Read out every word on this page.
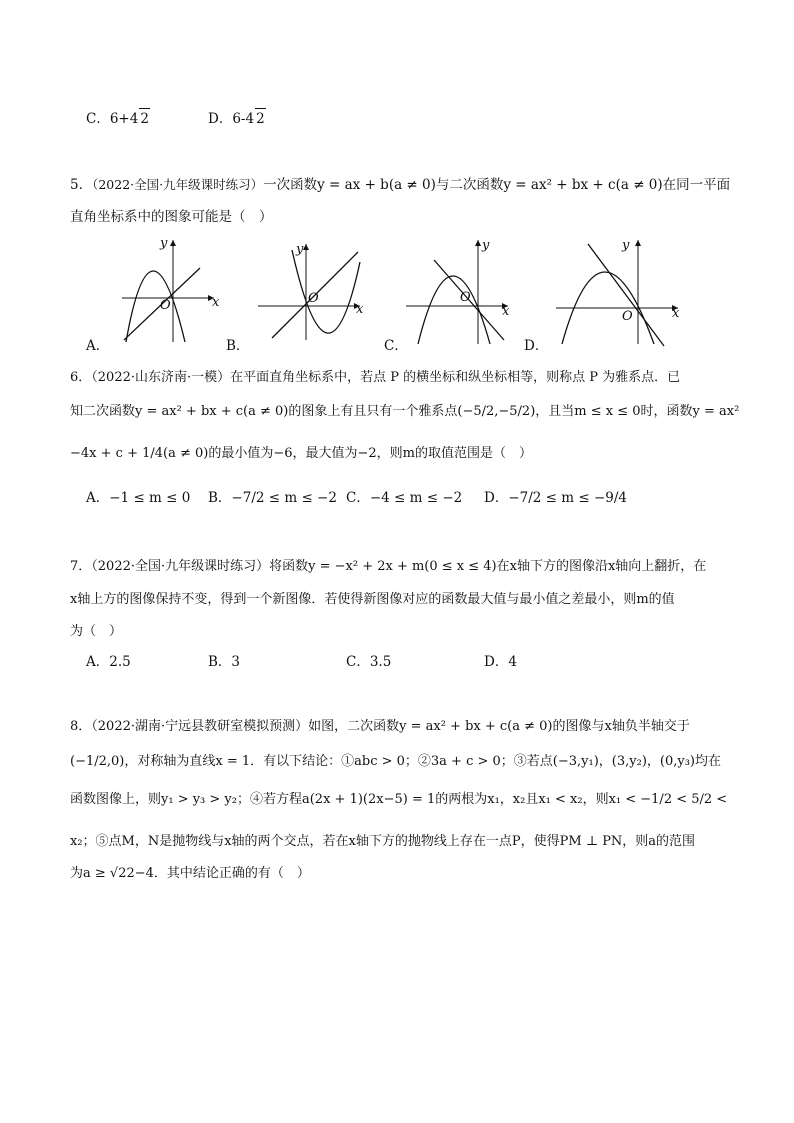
C．6+4 2	D．6-4 2
5．（2022·全国·九年级课时练习）一次函数y = ax + b(a ≠ 0)与二次函数y = ax² + bx + c(a ≠ 0)在同一平面
直角坐标系中的图象可能是（　）
y
x
O
y
x
O
y
x
O
y
x
O
A．	B．	C．	D．
6．（2022·山东济南·一模）在平面直角坐标系中，若点 P 的横坐标和纵坐标相等，则称点 P 为雅系点．已
知二次函数y = ax² + bx + c(a ≠ 0)的图象上有且只有一个雅系点(−5/2,−5/2)，且当m ≤ x ≤ 0时，函数y = ax²
−4x + c + 1/4(a ≠ 0)的最小值为−6，最大值为−2，则m的取值范围是（　）
A．−1 ≤ m ≤ 0 B．−7/2 ≤ m ≤ −2 C．−4 ≤ m ≤ −2 D．−7/2 ≤ m ≤ −9/4
7．（2022·全国·九年级课时练习）将函数y = −x² + 2x + m(0 ≤ x ≤ 4)在x轴下方的图像沿x轴向上翻折，在
x轴上方的图像保持不变，得到一个新图像．若使得新图像对应的函数最大值与最小值之差最小，则m的值
为（　）
A．2.5	B．3	C．3.5	D．4
8．（2022·湖南·宁远县教研室模拟预测）如图，二次函数y = ax² + bx + c(a ≠ 0)的图像与x轴负半轴交于
(−1/2,0)，对称轴为直线x = 1．有以下结论：①abc > 0；②3a + c > 0；③若点(−3,y₁)，(3,y₂)，(0,y₃)均在
函数图像上，则y₁ > y₃ > y₂；④若方程a(2x + 1)(2x−5) = 1的两根为x₁，x₂且x₁ < x₂，则x₁ < −1/2 < 5/2 <
x₂；⑤点M，N是抛物线与x轴的两个交点，若在x轴下方的抛物线上存在一点P，使得PM ⊥ PN，则a的范围
为a ≥ √22−4．其中结论正确的有（　）
